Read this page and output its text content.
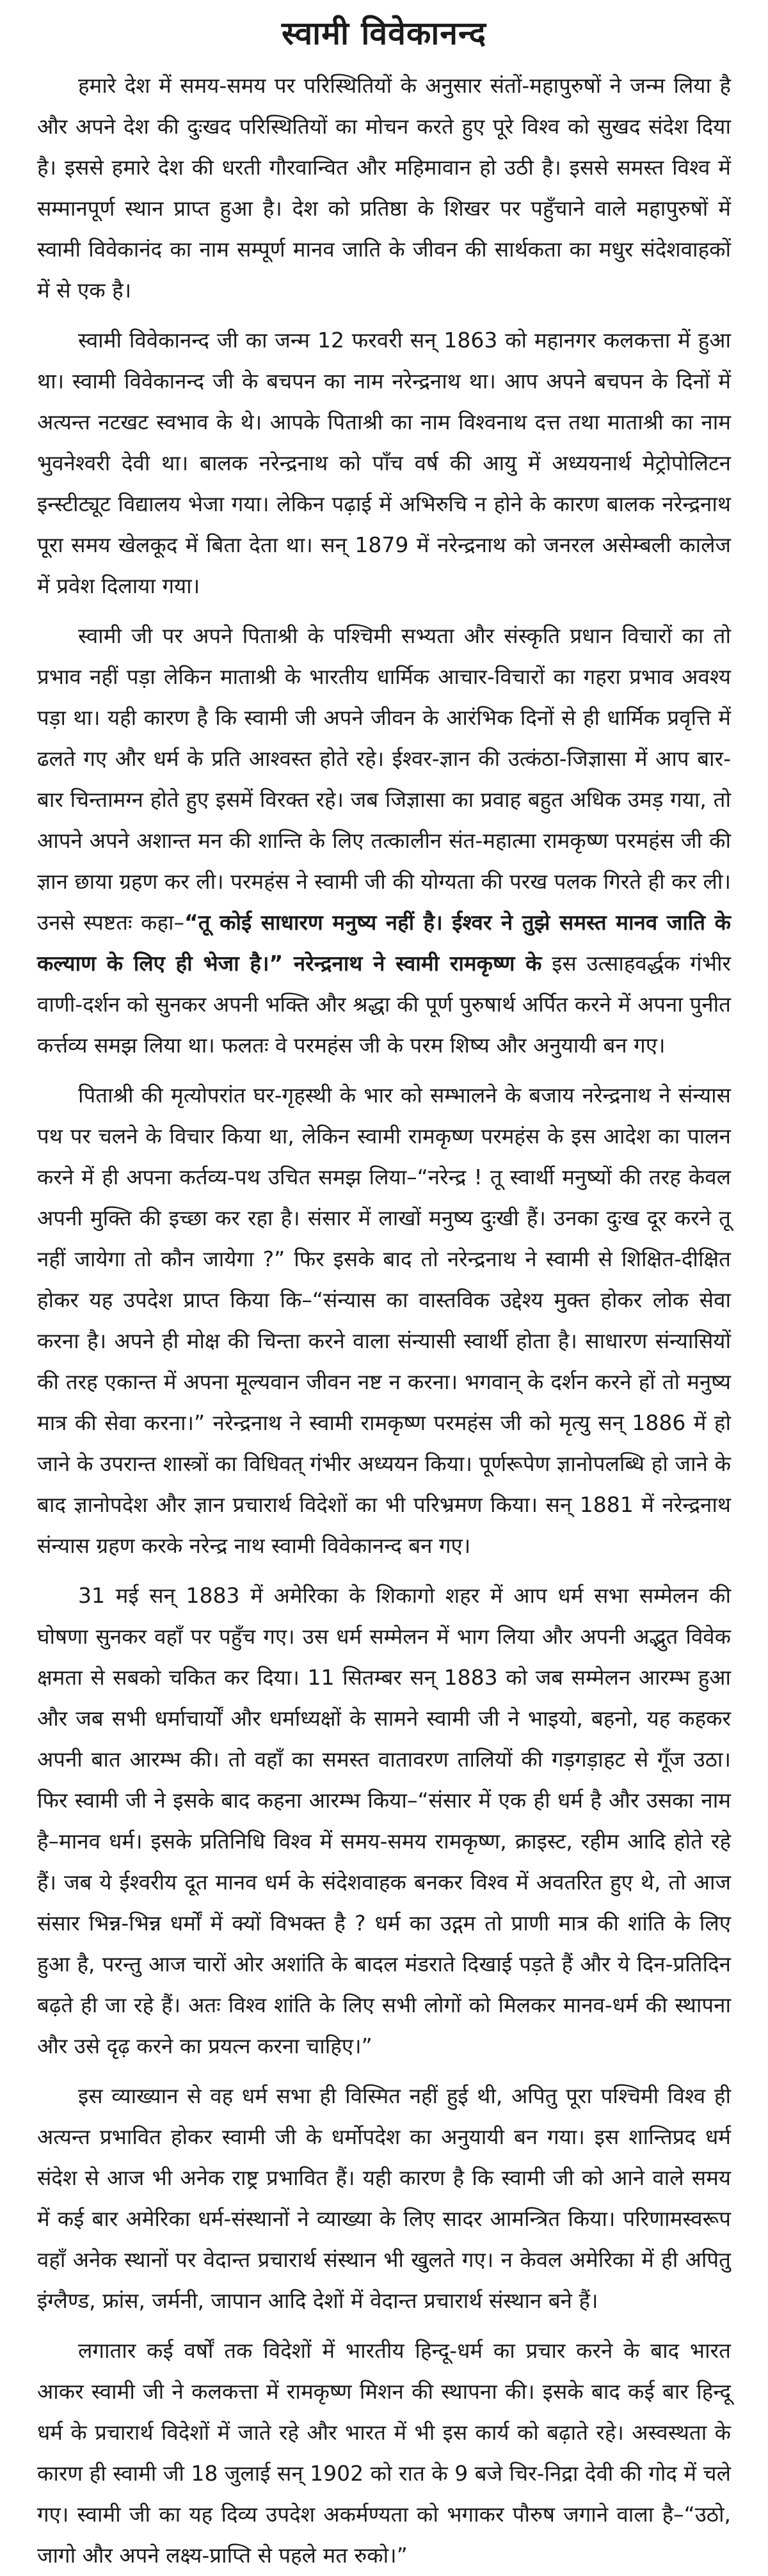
स्वामी विवेकानन्द

हमारे देश में समय-समय पर परिस्थितियों के अनुसार संतों-महापुरुषों ने जन्म लिया है और अपने देश की दुःखद परिस्थितियों का मोचन करते हुए पूरे विश्व को सुखद संदेश दिया है। इससे हमारे देश की धरती गौरवान्वित और महिमावान हो उठी है। इससे समस्त विश्व में सम्मानपूर्ण स्थान प्राप्त हुआ है। देश को प्रतिष्ठा के शिखर पर पहुँचाने वाले महापुरुषों में स्वामी विवेकानंद का नाम सम्पूर्ण मानव जाति के जीवन की सार्थकता का मधुर संदेशवाहकों में से एक है।

स्वामी विवेकानन्द जी का जन्म 12 फरवरी सन् 1863 को महानगर कलकत्ता में हुआ था। स्वामी विवेकानन्द जी के बचपन का नाम नरेन्द्रनाथ था। आप अपने बचपन के दिनों में अत्यन्त नटखट स्वभाव के थे। आपके पिताश्री का नाम विश्वनाथ दत्त तथा माताश्री का नाम भुवनेश्वरी देवी था। बालक नरेन्द्रनाथ को पाँच वर्ष की आयु में अध्ययनार्थ मेट्रोपोलिटन इन्स्टीट्यूट विद्यालय भेजा गया। लेकिन पढ़ाई में अभिरुचि न होने के कारण बालक नरेन्द्रनाथ पूरा समय खेलकूद में बिता देता था। सन् 1879 में नरेन्द्रनाथ को जनरल असेम्बली कालेज में प्रवेश दिलाया गया।

स्वामी जी पर अपने पिताश्री के पश्चिमी सभ्यता और संस्कृति प्रधान विचारों का तो प्रभाव नहीं पड़ा लेकिन माताश्री के भारतीय धार्मिक आचार-विचारों का गहरा प्रभाव अवश्य पड़ा था। यही कारण है कि स्वामी जी अपने जीवन के आरंभिक दिनों से ही धार्मिक प्रवृत्ति में ढलते गए और धर्म के प्रति आश्वस्त होते रहे। ईश्वर-ज्ञान की उत्कंठा-जिज्ञासा में आप बार-बार चिन्तामग्न होते हुए इसमें विरक्त रहे। जब जिज्ञासा का प्रवाह बहुत अधिक उमड़ गया, तो आपने अपने अशान्त मन की शान्ति के लिए तत्कालीन संत-महात्मा रामकृष्ण परमहंस जी की ज्ञान छाया ग्रहण कर ली। परमहंस ने स्वामी जी की योग्यता की परख पलक गिरते ही कर ली। उनसे स्पष्टतः कहा–“तू कोई साधारण मनुष्य नहीं है। ईश्वर ने तुझे समस्त मानव जाति के कल्याण के लिए ही भेजा है।” नरेन्द्रनाथ ने स्वामी रामकृष्ण के इस उत्साहवर्द्धक गंभीर वाणी-दर्शन को सुनकर अपनी भक्ति और श्रद्धा की पूर्ण पुरुषार्थ अर्पित करने में अपना पुनीत कर्त्तव्य समझ लिया था। फलतः वे परमहंस जी के परम शिष्य और अनुयायी बन गए।

पिताश्री की मृत्योपरांत घर-गृहस्थी के भार को सम्भालने के बजाय नरेन्द्रनाथ ने संन्यास पथ पर चलने के विचार किया था, लेकिन स्वामी रामकृष्ण परमहंस के इस आदेश का पालन करने में ही अपना कर्तव्य-पथ उचित समझ लिया–“नरेन्द्र ! तू स्वार्थी मनुष्यों की तरह केवल अपनी मुक्ति की इच्छा कर रहा है। संसार में लाखों मनुष्य दुःखी हैं। उनका दुःख दूर करने तू नहीं जायेगा तो कौन जायेगा ?” फिर इसके बाद तो नरेन्द्रनाथ ने स्वामी से शिक्षित-दीक्षित होकर यह उपदेश प्राप्त किया कि–“संन्यास का वास्तविक उद्देश्य मुक्त होकर लोक सेवा करना है। अपने ही मोक्ष की चिन्ता करने वाला संन्यासी स्वार्थी होता है। साधारण संन्यासियों की तरह एकान्त में अपना मूल्यवान जीवन नष्ट न करना। भगवान् के दर्शन करने हों तो मनुष्य मात्र की सेवा करना।” नरेन्द्रनाथ ने स्वामी रामकृष्ण परमहंस जी को मृत्यु सन् 1886 में हो जाने के उपरान्त शास्त्रों का विधिवत् गंभीर अध्ययन किया। पूर्णरूपेण ज्ञानोपलब्धि हो जाने के बाद ज्ञानोपदेश और ज्ञान प्रचारार्थ विदेशों का भी परिभ्रमण किया। सन् 1881 में नरेन्द्रनाथ संन्यास ग्रहण करके नरेन्द्र नाथ स्वामी विवेकानन्द बन गए।

31 मई सन् 1883 में अमेरिका के शिकागो शहर में आप धर्म सभा सम्मेलन की घोषणा सुनकर वहाँ पर पहुँच गए। उस धर्म सम्मेलन में भाग लिया और अपनी अद्भुत विवेक क्षमता से सबको चकित कर दिया। 11 सितम्बर सन् 1883 को जब सम्मेलन आरम्भ हुआ और जब सभी धर्माचार्यों और धर्माध्यक्षों के सामने स्वामी जी ने भाइयो, बहनो, यह कहकर अपनी बात आरम्भ की। तो वहाँ का समस्त वातावरण तालियों की गड़गड़ाहट से गूँज उठा। फिर स्वामी जी ने इसके बाद कहना आरम्भ किया–“संसार में एक ही धर्म है और उसका नाम है–मानव धर्म। इसके प्रतिनिधि विश्व में समय-समय रामकृष्ण, क्राइस्ट, रहीम आदि होते रहे हैं। जब ये ईश्वरीय दूत मानव धर्म के संदेशवाहक बनकर विश्व में अवतरित हुए थे, तो आज संसार भिन्न-भिन्न धर्मों में क्यों विभक्त है ? धर्म का उद्गम तो प्राणी मात्र की शांति के लिए हुआ है, परन्तु आज चारों ओर अशांति के बादल मंडराते दिखाई पड़ते हैं और ये दिन-प्रतिदिन बढ़ते ही जा रहे हैं। अतः विश्व शांति के लिए सभी लोगों को मिलकर मानव-धर्म की स्थापना और उसे दृढ़ करने का प्रयत्न करना चाहिए।”

इस व्याख्यान से वह धर्म सभा ही विस्मित नहीं हुई थी, अपितु पूरा पश्चिमी विश्व ही अत्यन्त प्रभावित होकर स्वामी जी के धर्मोपदेश का अनुयायी बन गया। इस शान्तिप्रद धर्म संदेश से आज भी अनेक राष्ट्र प्रभावित हैं। यही कारण है कि स्वामी जी को आने वाले समय में कई बार अमेरिका धर्म-संस्थानों ने व्याख्या के लिए सादर आमन्त्रित किया। परिणामस्वरूप वहाँ अनेक स्थानों पर वेदान्त प्रचारार्थ संस्थान भी खुलते गए। न केवल अमेरिका में ही अपितु इंग्लैण्ड, फ्रांस, जर्मनी, जापान आदि देशों में वेदान्त प्रचारार्थ संस्थान बने हैं।

लगातार कई वर्षों तक विदेशों में भारतीय हिन्दू-धर्म का प्रचार करने के बाद भारत आकर स्वामी जी ने कलकत्ता में रामकृष्ण मिशन की स्थापना की। इसके बाद कई बार हिन्दू धर्म के प्रचारार्थ विदेशों में जाते रहे और भारत में भी इस कार्य को बढ़ाते रहे। अस्वस्थता के कारण ही स्वामी जी 18 जुलाई सन् 1902 को रात के 9 बजे चिर-निद्रा देवी की गोद में चले गए। स्वामी जी का यह दिव्य उपदेश अकर्मण्यता को भगाकर पौरुष जगाने वाला है–“उठो, जागो और अपने लक्ष्य-प्राप्ति से पहले मत रुको।”
